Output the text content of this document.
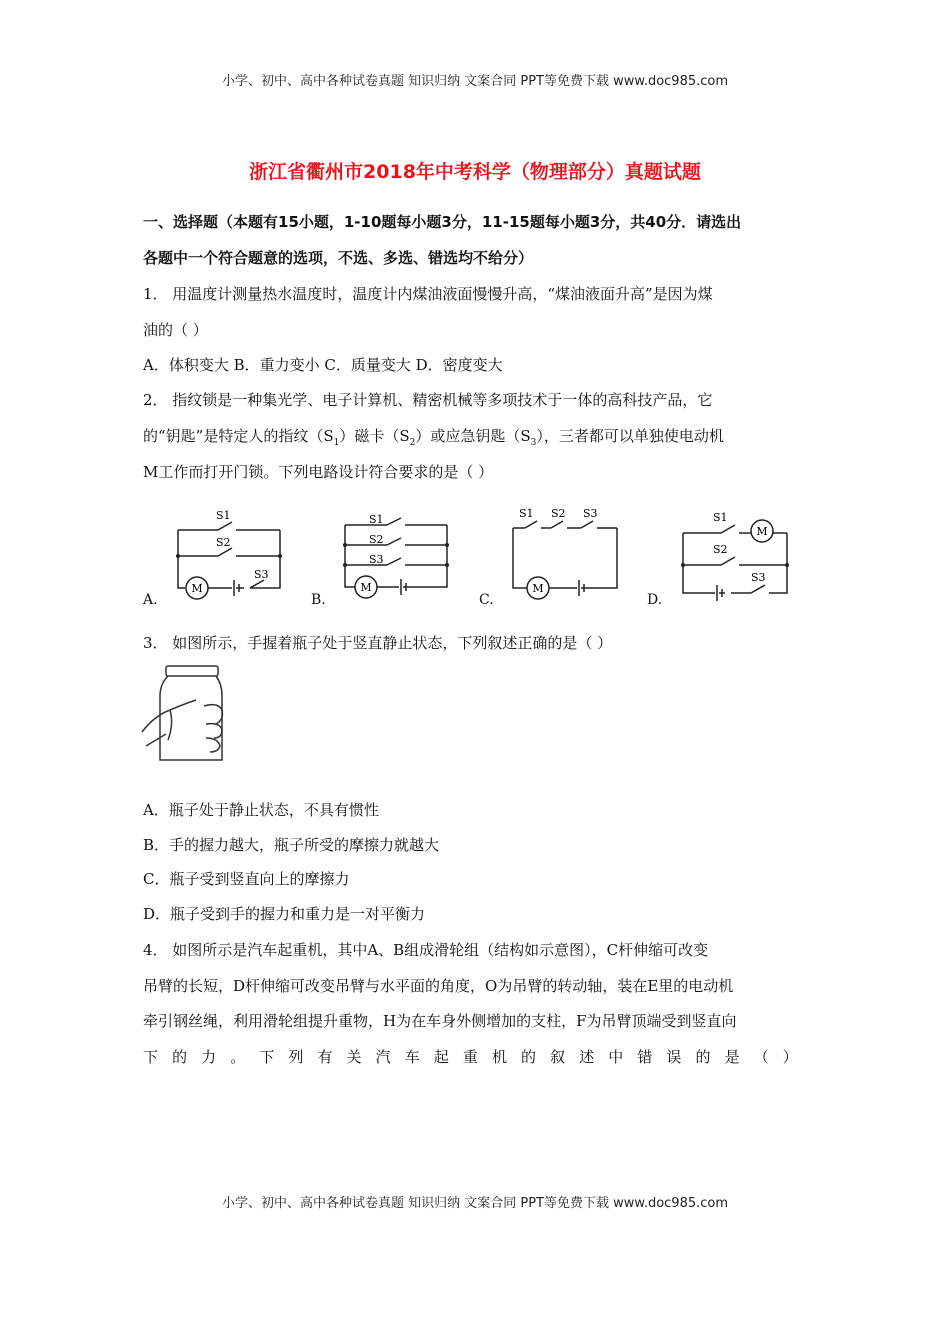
小学、初中、高中各种试卷真题 知识归纳 文案合同 PPT等免费下载 www.doc985.com
浙江省衢州市2018年中考科学（物理部分）真题试题
一、选择题（本题有15小题，1-10题每小题3分，11-15题每小题3分，共40分．请选出
各题中一个符合题意的选项，不选、多选、错选均不给分）
1． 用温度计测量热水温度时，温度计内煤油液面慢慢升高，“煤油液面升高”是因为煤
油的（ ）
A．体积变大 B．重力变小 C．质量变大 D．密度变大
2． 指纹锁是一种集光学、电子计算机、精密机械等多项技术于一体的高科技产品，它
的“钥匙”是特定人的指纹$(S_1)$磁卡$(S_2)$或应急钥匙$(S_3)$，三者都可以单独使电动机
M工作而打开门锁。下列电路设计符合要求的是（ ）
A.	B.	C.	D.
M
S1
S2
S3
M
S1
S2
S3
M
S1 S2 S3
M
S1
S2
S3
3． 如图所示，手握着瓶子处于竖直静止状态，下列叙述正确的是（ ）
A．瓶子处于静止状态，不具有惯性
B．手的握力越大，瓶子所受的摩擦力就越大
C．瓶子受到竖直向上的摩擦力
D．瓶子受到手的握力和重力是一对平衡力
4． 如图所示是汽车起重机，其中A、B组成滑轮组（结构如示意图），C杆伸缩可改变
吊臂的长短，D杆伸缩可改变吊臂与水平面的角度，O为吊臂的转动轴，装在E里的电动机
牵引钢丝绳，利用滑轮组提升重物，H为在车身外侧增加的支柱，F为吊臂顶端受到竖直向
下 的 力 。 下 列 有 关 汽 车 起 重 机 的 叙 述 中 错 误 的 是 （ ）
小学、初中、高中各种试卷真题 知识归纳 文案合同 PPT等免费下载 www.doc985.com
